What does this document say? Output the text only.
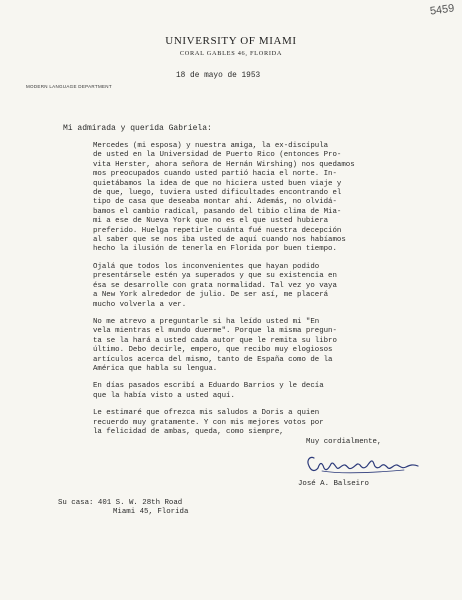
5459
UNIVERSITY OF MIAMI
CORAL GABLES 46, FLORIDA
18 de mayo de 1953
MODERN LANGUAGE DEPARTMENT
Mi admirada y querida Gabriela:

Mercedes (mi esposa) y nuestra amiga, la ex-discípula
de usted en la Universidad de Puerto Rico (entonces Pro-
vita Herster, ahora señora de Hernán Wirshing) nos quedamos
mos preocupados cuando usted partió hacia el norte. In-
quietábamos la idea de que no hiciera usted buen viaje y
de que, luego, tuviera usted dificultades encontrando el
tipo de casa que deseaba montar ahí. Además, no olvidá-
bamos el cambio radical, pasando del tibio clima de Mia-
mi a ese de Nueva York que no es el que usted hubiera
preferido. Huelga repetirle cuánta fué nuestra decepción
al saber que se nos iba usted de aquí cuando nos habíamos
hecho la ilusión de tenerla en Florida por buen tiempo.

Ojalá que todos los inconvenientes que hayan podido
presentársele estén ya superados y que su existencia en
ésa se desarrolle con grata normalidad. Tal vez yo vaya
a New York alrededor de julio. De ser así, me placerá
mucho volverla a ver.

No me atrevo a preguntarle si ha leído usted mi "En
vela mientras el mundo duerme". Porque la misma pregun-
ta se la hará a usted cada autor que le remita su libro
último. Debo decirle, empero, que recibo muy elogiosos
artículos acerca del mismo, tanto de España como de la
América que habla su lengua.

En días pasados escribí a Eduardo Barrios y le decía
que la había visto a usted aquí.

Le estimaré que ofrezca mis saludos a Doris a quien
recuerdo muy gratamente. Y con mis mejores votos por
la felicidad de ambas, queda, como siempre,

Muy cordialmente,
José A. Balseiro
Su casa: 401 S. W. 28th Road
Miami 45, Florida
